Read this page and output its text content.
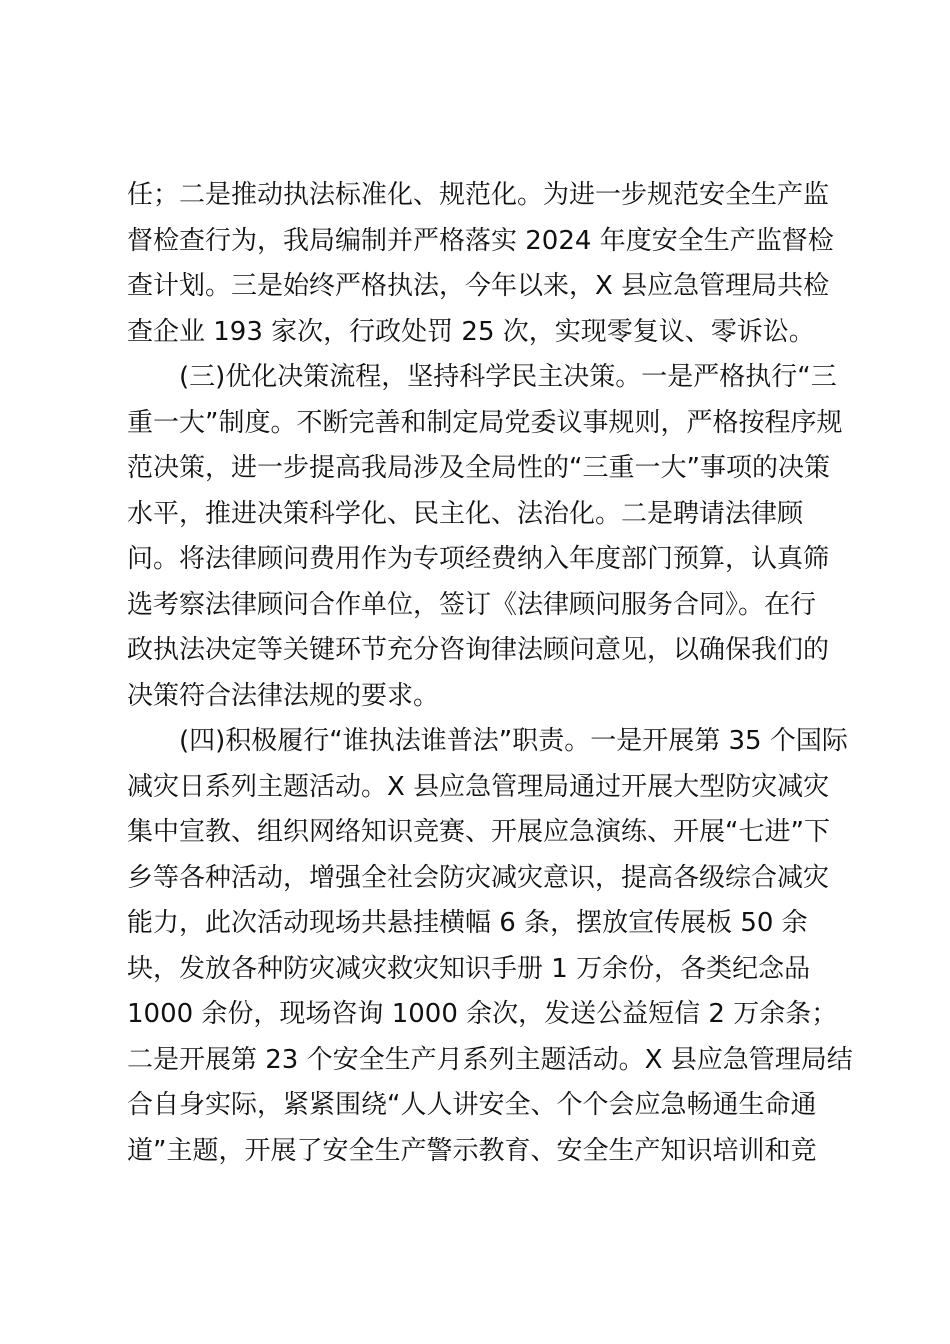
任；二是推动执法标准化、规范化。为进一步规范安全生产监
督检查行为，我局编制并严格落实 2024 年度安全生产监督检
查计划。三是始终严格执法，今年以来，X 县应急管理局共检
查企业 193 家次，行政处罚 25 次，实现零复议、零诉讼。
(三)优化决策流程，坚持科学民主决策。一是严格执行“三
重一大”制度。不断完善和制定局党委议事规则，严格按程序规
范决策，进一步提高我局涉及全局性的“三重一大”事项的决策
水平，推进决策科学化、民主化、法治化。二是聘请法律顾
问。将法律顾问费用作为专项经费纳入年度部门预算，认真筛
选考察法律顾问合作单位，签订《法律顾问服务合同》。在行
政执法决定等关键环节充分咨询律法顾问意见，以确保我们的
决策符合法律法规的要求。
(四)积极履行“谁执法谁普法”职责。一是开展第 35 个国际
减灾日系列主题活动。X 县应急管理局通过开展大型防灾减灾
集中宣教、组织网络知识竞赛、开展应急演练、开展“七进”下
乡等各种活动，增强全社会防灾减灾意识，提高各级综合减灾
能力，此次活动现场共悬挂横幅 6 条，摆放宣传展板 50 余
块，发放各种防灾减灾救灾知识手册 1 万余份，各类纪念品
1000 余份，现场咨询 1000 余次，发送公益短信 2 万余条；
二是开展第 23 个安全生产月系列主题活动。X 县应急管理局结
合自身实际，紧紧围绕“人人讲安全、个个会应急畅通生命通
道”主题，开展了安全生产警示教育、安全生产知识培训和竞
